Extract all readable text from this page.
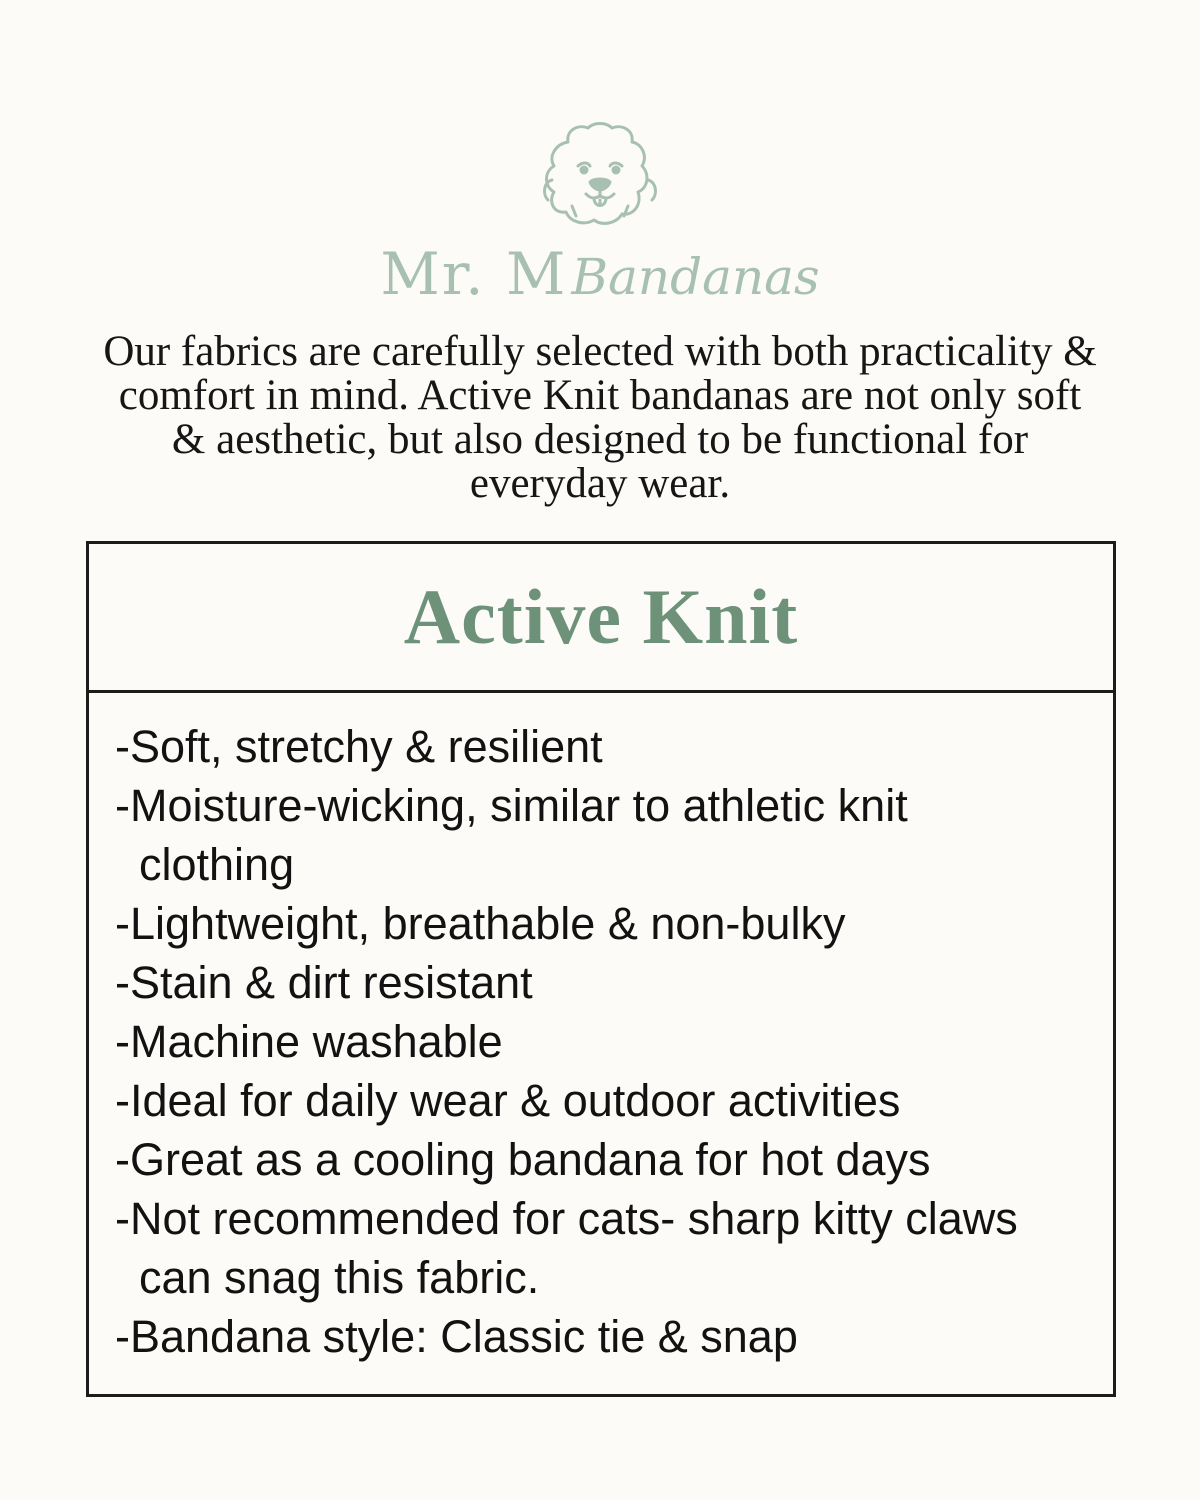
Mr. MBandanas

Our fabrics are carefully selected with both practicality & comfort in mind. Active Knit bandanas are not only soft & aesthetic, but also designed to be functional for everyday wear.

Active Knit
-Soft, stretchy & resilient
-Moisture-wicking, similar to athletic knit clothing
-Lightweight, breathable & non-bulky
-Stain & dirt resistant
-Machine washable
-Ideal for daily wear & outdoor activities
-Great as a cooling bandana for hot days
-Not recommended for cats- sharp kitty claws can snag this fabric.
-Bandana style: Classic tie & snap
